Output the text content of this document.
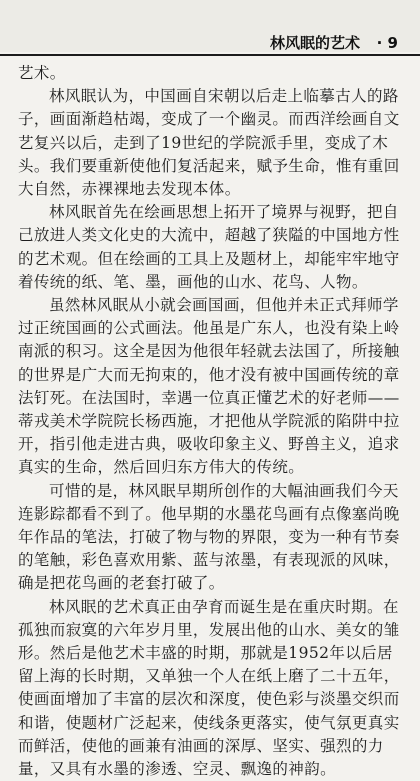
林风眠的艺术 · 9

艺术。

林风眠认为，中国画自宋朝以后走上临摹古人的路子，画面渐趋枯竭，变成了一个幽灵。而西洋绘画自文艺复兴以后，走到了19世纪的学院派手里，变成了木头。我们要重新使他们复活起来，赋予生命，惟有重回大自然，赤裸裸地去发现本体。

林风眠首先在绘画思想上拓开了境界与视野，把自己放进人类文化史的大流中，超越了狭隘的中国地方性的艺术观。但在绘画的工具上及题材上，却能牢牢地守着传统的纸、笔、墨，画他的山水、花鸟、人物。

虽然林风眠从小就会画国画，但他并未正式拜师学过正统国画的公式画法。他虽是广东人，也没有染上岭南派的积习。这全是因为他很年轻就去法国了，所接触的世界是广大而无拘束的，他才没有被中国画传统的章法钉死。在法国时，幸遇一位真正懂艺术的好老师——蒂戎美术学院院长杨西施，才把他从学院派的陷阱中拉开，指引他走进古典，吸收印象主义、野兽主义，追求真实的生命，然后回归东方伟大的传统。

可惜的是，林风眠早期所创作的大幅油画我们今天连影踪都看不到了。他早期的水墨花鸟画有点像塞尚晚年作品的笔法，打破了物与物的界限，变为一种有节奏的笔触，彩色喜欢用紫、蓝与浓墨，有表现派的风味，确是把花鸟画的老套打破了。

林风眠的艺术真正由孕育而诞生是在重庆时期。在孤独而寂寞的六年岁月里，发展出他的山水、美女的雏形。然后是他艺术丰盛的时期，那就是1952年以后居留上海的长时期，又单独一个人在纸上磨了二十五年，使画面增加了丰富的层次和深度，使色彩与淡墨交织而和谐，使题材广泛起来，使线条更落实，使气氛更真实而鲜活，使他的画兼有油画的深厚、坚实、强烈的力量，又具有水墨的渗透、空灵、飘逸的神韵。
